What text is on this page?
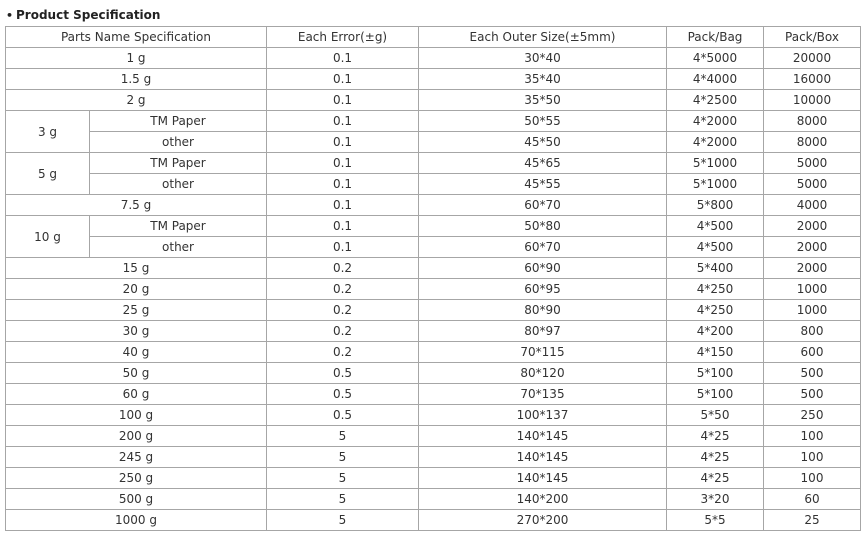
• Product Specification
Parts Name Specification		Each Error(±g)	Each Outer Size(±5mm)	Pack/Bag	Pack/Box
1 g		0.1	30*40	4*5000	20000
1.5 g		0.1	35*40	4*4000	16000
2 g		0.1	35*50	4*2500	10000
3 g	TM Paper	0.1	50*55	4*2000	8000
	other	0.1	45*50	4*2000	8000
5 g	TM Paper	0.1	45*65	5*1000	5000
	other	0.1	45*55	5*1000	5000
7.5 g		0.1	60*70	5*800	4000
10 g	TM Paper	0.1	50*80	4*500	2000
	other	0.1	60*70	4*500	2000
15 g		0.2	60*90	5*400	2000
20 g		0.2	60*95	4*250	1000
25 g		0.2	80*90	4*250	1000
30 g		0.2	80*97	4*200	800
40 g		0.2	70*115	4*150	600
50 g		0.5	80*120	5*100	500
60 g		0.5	70*135	5*100	500
100 g		0.5	100*137	5*50	250
200 g		5	140*145	4*25	100
245 g		5	140*145	4*25	100
250 g		5	140*145	4*25	100
500 g		5	140*200	3*20	60
1000 g		5	270*200	5*5	25
